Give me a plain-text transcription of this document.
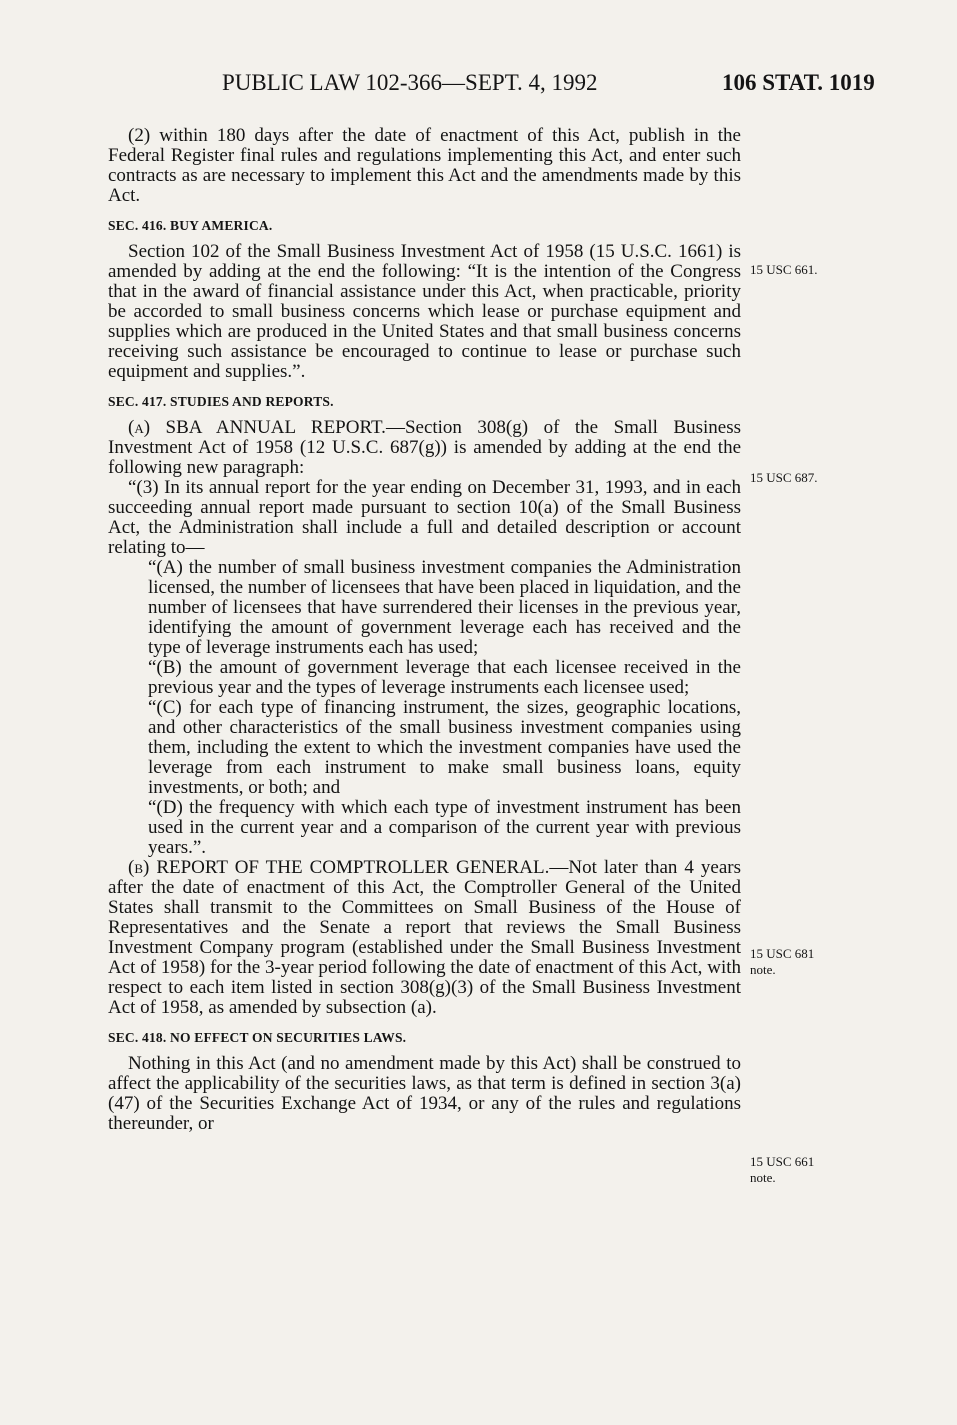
PUBLIC LAW 102-366—SEPT. 4, 1992	106 STAT. 1019

(2) within 180 days after the date of enactment of this Act, publish in the Federal Register final rules and regulations implementing this Act, and enter such contracts as are necessary to implement this Act and the amendments made by this Act.

SEC. 416. BUY AMERICA.

Section 102 of the Small Business Investment Act of 1958 (15 U.S.C. 1661) is amended by adding at the end the following: “It is the intention of the Congress that in the award of financial assistance under this Act, when practicable, priority be accorded to small business concerns which lease or purchase equipment and supplies which are produced in the United States and that small business concerns receiving such assistance be encouraged to continue to lease or purchase such equipment and supplies.”.

SEC. 417. STUDIES AND REPORTS.

(a) SBA ANNUAL REPORT.—Section 308(g) of the Small Business Investment Act of 1958 (12 U.S.C. 687(g)) is amended by adding at the end the following new paragraph:

“(3) In its annual report for the year ending on December 31, 1993, and in each succeeding annual report made pursuant to section 10(a) of the Small Business Act, the Administration shall include a full and detailed description or account relating to—

“(A) the number of small business investment companies the Administration licensed, the number of licensees that have been placed in liquidation, and the number of licensees that have surrendered their licenses in the previous year, identifying the amount of government leverage each has received and the type of leverage instruments each has used;

“(B) the amount of government leverage that each licensee received in the previous year and the types of leverage instruments each licensee used;

“(C) for each type of financing instrument, the sizes, geographic locations, and other characteristics of the small business investment companies using them, including the extent to which the investment companies have used the leverage from each instrument to make small business loans, equity investments, or both; and

“(D) the frequency with which each type of investment instrument has been used in the current year and a comparison of the current year with previous years.”.

(b) REPORT OF THE COMPTROLLER GENERAL.—Not later than 4 years after the date of enactment of this Act, the Comptroller General of the United States shall transmit to the Committees on Small Business of the House of Representatives and the Senate a report that reviews the Small Business Investment Company program (established under the Small Business Investment Act of 1958) for the 3-year period following the date of enactment of this Act, with respect to each item listed in section 308(g)(3) of the Small Business Investment Act of 1958, as amended by subsection (a).

SEC. 418. NO EFFECT ON SECURITIES LAWS.

Nothing in this Act (and no amendment made by this Act) shall be construed to affect the applicability of the securities laws, as that term is defined in section 3(a)(47) of the Securities Exchange Act of 1934, or any of the rules and regulations thereunder, or

15 USC 661.
15 USC 687.
15 USC 681
note.
15 USC 661
note.
